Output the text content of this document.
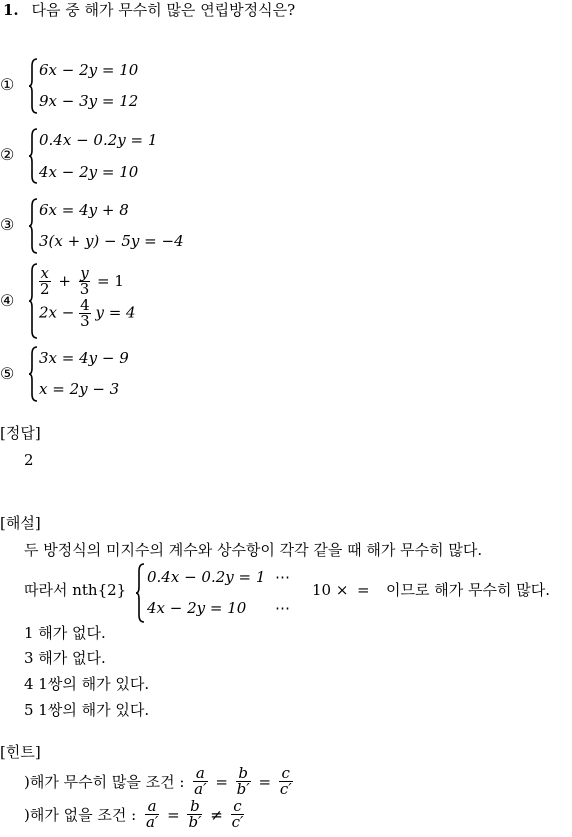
1. 다음 중 해가 무수히 많은 연립방정식은?
①
6x − 2y = 10
9x − 3y = 12
②
0.4x − 0.2y = 1
4x − 2y = 10
③
6x = 4y + 8
3(x + y) − 5y = −4
④
$\frac{x}{2} + \frac{y}{3} = 1$
$2x - \frac{4}{3}$ y = 4
⑤
3x = 4y − 9
x = 2y − 3
[정답]
2
[해설]
두 방정식의 미지수의 계수와 상수항이 각각 같을 때 해가 무수히 많다.
따라서 nth{2}
0.4x − 0.2y = 1 ⋯
4x − 2y = 10 ⋯
10 × = 이므로 해가 무수히 많다.
1 해가 없다.
3 해가 없다.
4 1쌍의 해가 있다.
5 1쌍의 해가 있다.
[힌트]
)해가 무수히 많을 조건 : $\frac{a}{a'} = \frac{b}{b'} = \frac{c}{c'}$
)해가 없을 조건 : $\frac{a}{a'} = \frac{b}{b'} \ne \frac{c}{c'}$
